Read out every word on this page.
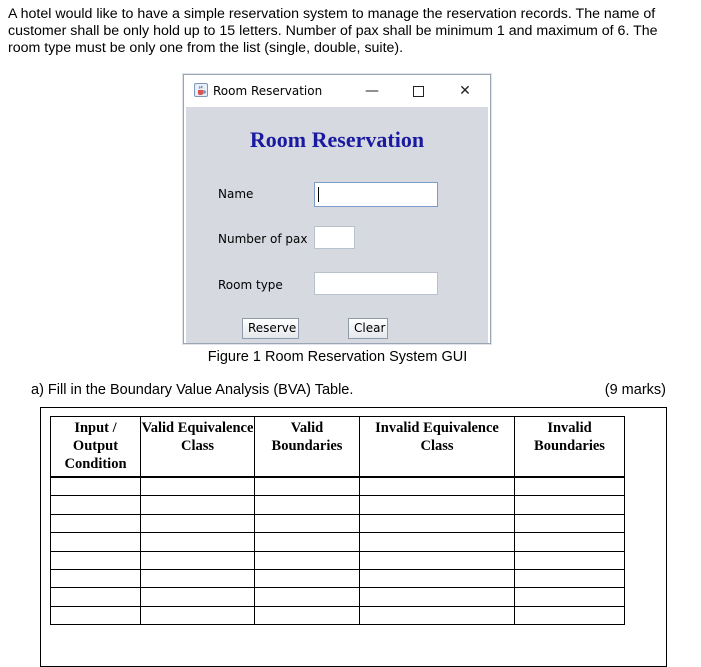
A hotel would like to have a simple reservation system to manage the reservation records. The name of customer shall be only hold up to 15 letters. Number of pax shall be minimum 1 and maximum of 6. The room type must be only one from the list (single, double, suite).

Room Reservation	—	✕
Room Reservation
Name
Number of pax
Room type
Reserve	Clear
Figure 1 Room Reservation System GUI
a) Fill in the Boundary Value Analysis (BVA) Table.	(9 marks)
Input / Output Condition	Valid Equivalence Class	Valid Boundaries	Invalid Equivalence Class	Invalid Boundaries
